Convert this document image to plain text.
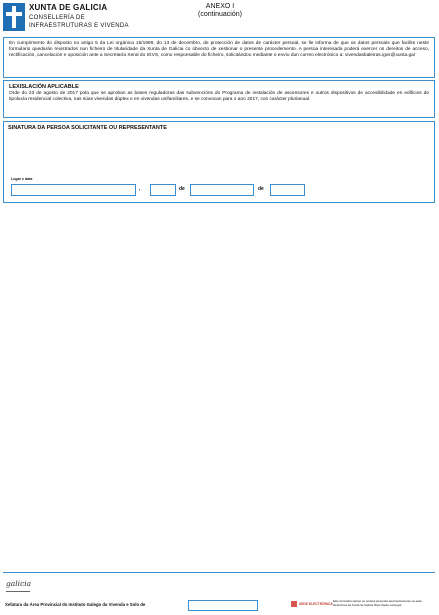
XUNTA DE GALICIA
CONSELLERÍA DE
INFRAESTRUTURAS E VIVENDA
ANEXO I
(continuación)
En cumprimento do disposto no artigo 5 da Lei orgánica 15/1999, do 13 de decembro, de protección de datos de carácter persoal, se lle informa de que os datos persoais que facilite neste formulario quedarán rexistrados nun ficheiro de titularidade da Xunta de Galicia co obxecto de xestionar o presente procedemento. A persoa interesada poderá exercer os dereitos de acceso, rectificación, cancelación e oposición ante a Secretaría Xeral do IGVS, como responsable do ficheiro, solicitándoo mediante o envío dun correo electrónico a: vivendasbaleiras.igvs@xunta.gal
LEXISLACIÓN APLICABLE
Orde do 23 de agosto de 2017 pola que se aproban as bases reguladoras das subvencións do Programa de instalación de ascensores e outros dispositivos de accesibilidade en edificios de tipoloxía residencial colectiva, nas súas vivendas dúplex e en vivendas unifamiliares, e se convocan para o ano 2017, con carácter plurianual.
SINATURA DA PERSOA SOLICITANTE OU REPRESENTANTE
Lugar e data
,	de	de
galicia
Xefatura da Área Provincial do Instituto Galego da Vivenda e Solo de	SEDE ELECTRÓNICA
Este formulario tamén se poderá presentar electronicamente na sede electrónica da Xunta de Galicia https://sede.xunta.gal
